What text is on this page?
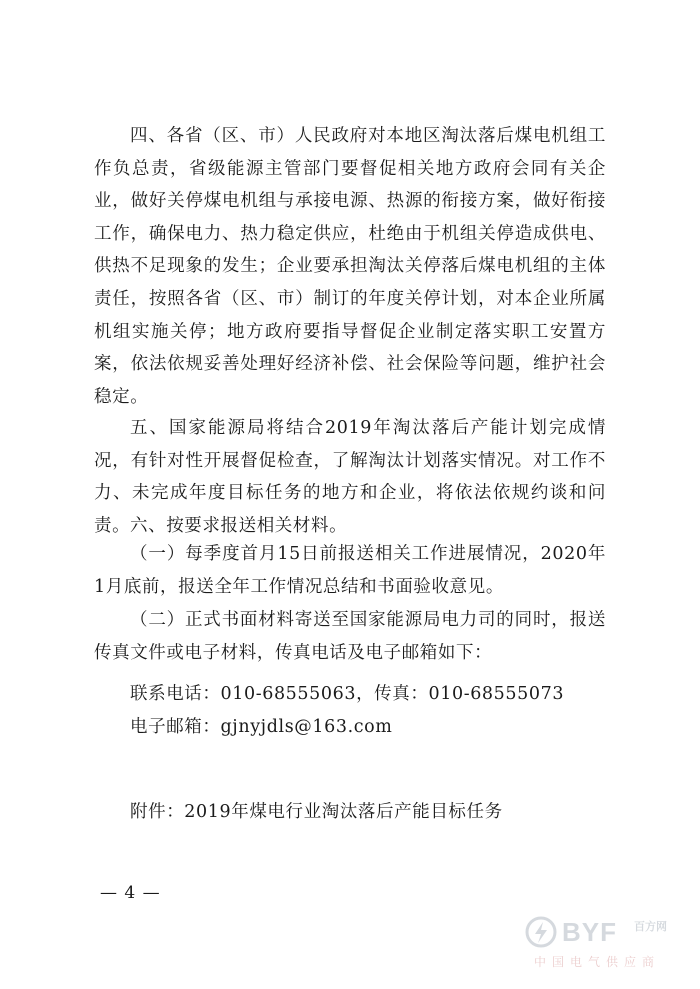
四、各省（区、市）人民政府对本地区淘汰落后煤电机组工作负总责，省级能源主管部门要督促相关地方政府会同有关企业，做好关停煤电机组与承接电源、热源的衔接方案，做好衔接工作，确保电力、热力稳定供应，杜绝由于机组关停造成供电、供热不足现象的发生；企业要承担淘汰关停落后煤电机组的主体责任，按照各省（区、市）制订的年度关停计划，对本企业所属机组实施关停；地方政府要指导督促企业制定落实职工安置方案，依法依规妥善处理好经济补偿、社会保险等问题，维护社会稳定。

五、国家能源局将结合2019年淘汰落后产能计划完成情况，有针对性开展督促检查，了解淘汰计划落实情况。对工作不力、未完成年度目标任务的地方和企业，将依法依规约谈和问责。 六、按要求报送相关材料。

（一）每季度首月15日前报送相关工作进展情况，2020年1月底前，报送全年工作情况总结和书面验收意见。

（二）正式书面材料寄送至国家能源局电力司的同时，报送传真文件或电子材料，传真电话及电子邮箱如下：

联系电话：010-68555063，传真：010-68555073

电子邮箱：gjnyjdls@163.com

附件：2019年煤电行业淘汰落后产能目标任务

— 4 —
BYF 百方网
中国电气供应商
